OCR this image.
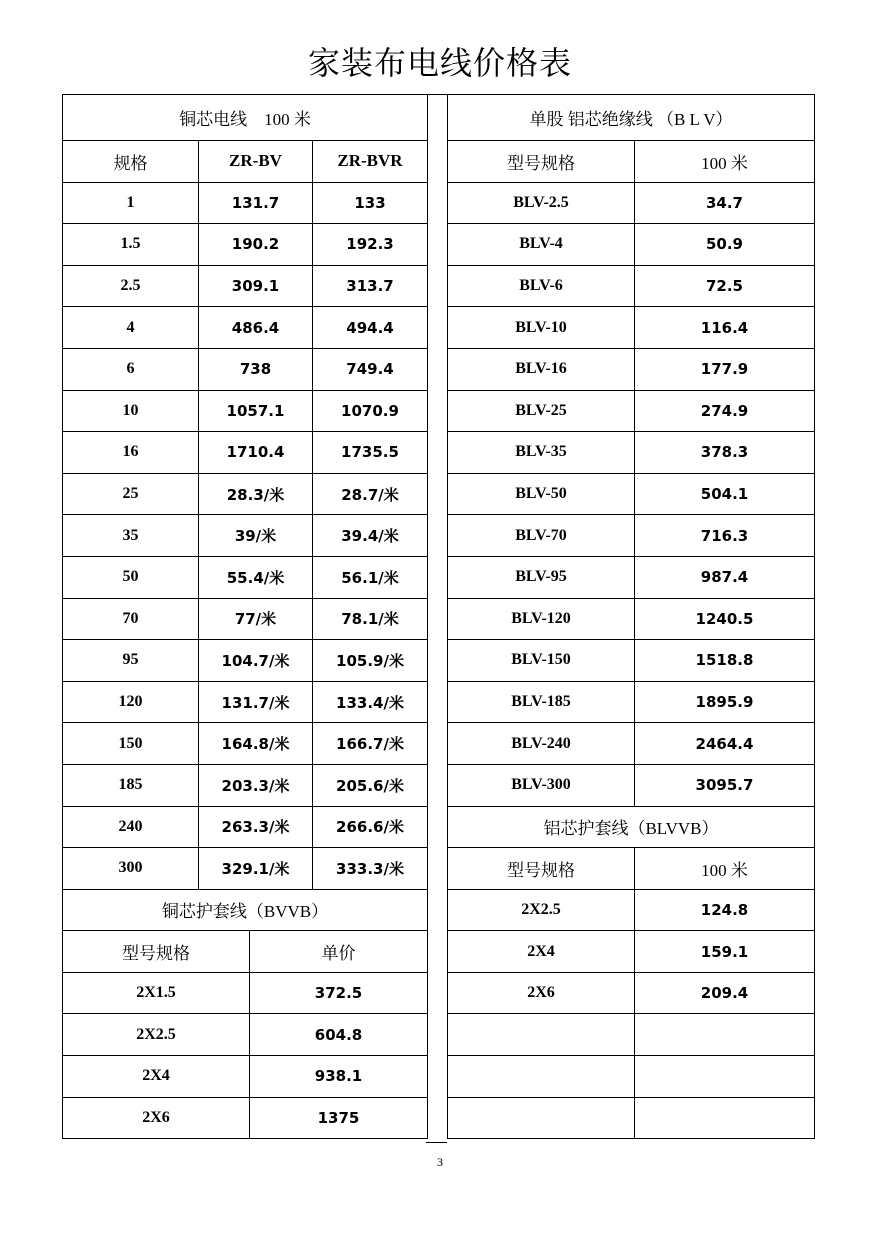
家装布电线价格表
铜芯电线　100 米			
规格	ZR-BV		ZR-BVR
1	131.7		133
1.5	190.2		192.3
2.5	309.1		313.7
4	486.4		494.4
6	738		749.4
10	1057.1		1070.9
16	1710.4		1735.5
25	28.3/米		28.7/米
35	39/米		39.4/米
50	55.4/米		56.1/米
70	77/米		78.1/米
95	104.7/米		105.9/米
120	131.7/米		133.4/米
150	164.8/米		166.7/米
185	203.3/米		205.6/米
240	263.3/米		266.6/米
300	329.1/米		333.3/米
铜芯护套线（BVVB）			
型号规格		单价	
2X1.5		372.5	
2X2.5		604.8	
2X4		938.1	
2X6		1375	
单股 铝芯绝缘线 （B L V）	
型号规格	100 米
BLV-2.5	34.7
BLV-4	50.9
BLV-6	72.5
BLV-10	116.4
BLV-16	177.9
BLV-25	274.9
BLV-35	378.3
BLV-50	504.1
BLV-70	716.3
BLV-95	987.4
BLV-120	1240.5
BLV-150	1518.8
BLV-185	1895.9
BLV-240	2464.4
BLV-300	3095.7
铝芯护套线（BLVVB）	
型号规格	100 米
2X2.5	124.8
2X4	159.1
2X6	209.4

3
